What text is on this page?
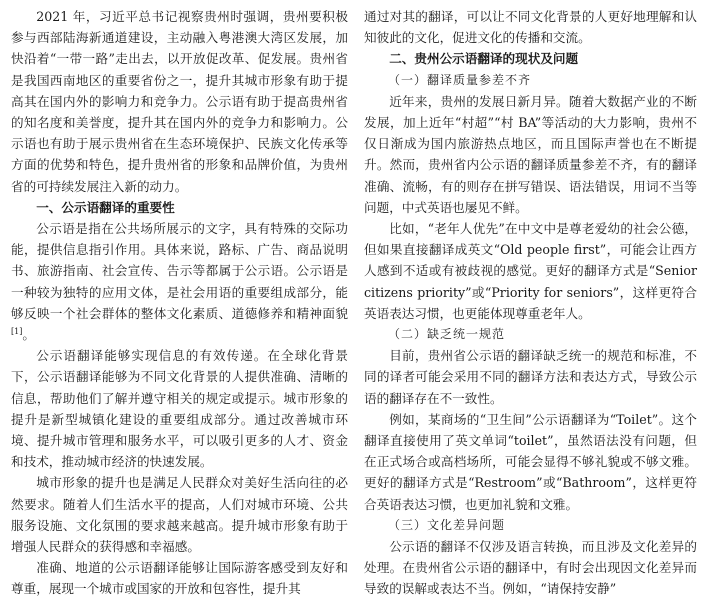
2021 年，习近平总书记视察贵州时强调，贵州要积极参与西部陆海新通道建设，主动融入粤港澳大湾区发展，加快沿着“一带一路”走出去，以开放促改革、促发展。贵州省是我国西南地区的重要省份之一，提升其城市形象有助于提高其在国内外的影响力和竞争力。公示语有助于提高贵州省的知名度和美誉度，提升其在国内外的竞争力和影响力。公示语也有助于展示贵州省在生态环境保护、民族文化传承等方面的优势和特色，提升贵州省的形象和品牌价值，为贵州省的可持续发展注入新的动力。

一、公示语翻译的重要性

公示语是指在公共场所展示的文字，具有特殊的交际功能，提供信息指引作用。具体来说，路标、广告、商品说明书、旅游指南、社会宣传、告示等都属于公示语。公示语是一种较为独特的应用文体，是社会用语的重要组成部分，能够反映一个社会群体的整体文化素质、道德修养和精神面貌[1]。

公示语翻译能够实现信息的有效传递。在全球化背景下，公示语翻译能够为不同文化背景的人提供准确、清晰的信息，帮助他们了解并遵守相关的规定或提示。城市形象的提升是新型城镇化建设的重要组成部分。通过改善城市环境、提升城市管理和服务水平，可以吸引更多的人才、资金和技术，推动城市经济的快速发展。

城市形象的提升也是满足人民群众对美好生活向往的必然要求。随着人们生活水平的提高，人们对城市环境、公共服务设施、文化氛围的要求越来越高。提升城市形象有助于增强人民群众的获得感和幸福感。

准确、地道的公示语翻译能够让国际游客感受到友好和尊重，展现一个城市或国家的开放和包容性，提升其

通过对其的翻译，可以让不同文化背景的人更好地理解和认知彼此的文化，促进文化的传播和交流。

二、贵州公示语翻译的现状及问题
（一）翻译质量参差不齐

近年来，贵州的发展日新月异。随着大数据产业的不断发展，加上近年“村超”“村 BA”等活动的大力影响，贵州不仅日渐成为国内旅游热点地区，而且国际声誉也在不断提升。然而，贵州省内公示语的翻译质量参差不齐，有的翻译准确、流畅，有的则存在拼写错误、语法错误，用词不当等问题，中式英语也屡见不鲜。

比如，“老年人优先”在中文中是尊老爱幼的社会公德，但如果直接翻译成英文“Old people first”，可能会让西方人感到不适或有被歧视的感觉。更好的翻译方式是“Senior citizens priority”或“Priority for seniors”，这样更符合英语表达习惯，也更能体现尊重老年人。

（二）缺乏统一规范

目前，贵州省公示语的翻译缺乏统一的规范和标准，不同的译者可能会采用不同的翻译方法和表达方式，导致公示语的翻译存在不一致性。

例如，某商场的“卫生间”公示语翻译为“Toilet”。这个翻译直接使用了英文单词“toilet”，虽然语法没有问题，但在正式场合或高档场所，可能会显得不够礼貌或不够文雅。更好的翻译方式是“Restroom”或“Bathroom”，这样更符合英语表达习惯，也更加礼貌和文雅。

（三）文化差异问题

公示语的翻译不仅涉及语言转换，而且涉及文化差异的处理。在贵州省公示语的翻译中，有时会出现因文化差异而导致的误解或表达不当。例如，“请保持安静”
